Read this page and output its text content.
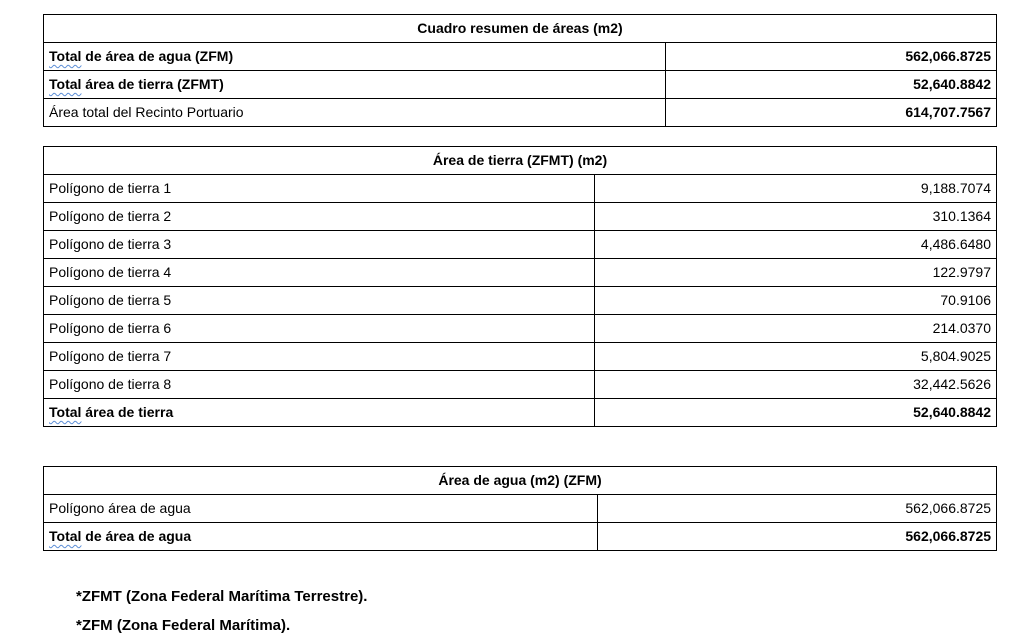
Cuadro resumen de áreas (m2)	
Total de área de agua (ZFM)	562,066.8725
Total área de tierra (ZFMT)	52,640.8842
Área total del Recinto Portuario	614,707.7567
Área de tierra (ZFMT) (m2)	
Polígono de tierra 1	9,188.7074
Polígono de tierra 2	310.1364
Polígono de tierra 3	4,486.6480
Polígono de tierra 4	122.9797
Polígono de tierra 5	70.9106
Polígono de tierra 6	214.0370
Polígono de tierra 7	5,804.9025
Polígono de tierra 8	32,442.5626
Total área de tierra	52,640.8842
Área de agua (m2) (ZFM)	
Polígono área de agua	562,066.8725
Total de área de agua	562,066.8725
*ZFMT (Zona Federal Marítima Terrestre).
*ZFM (Zona Federal Marítima).
